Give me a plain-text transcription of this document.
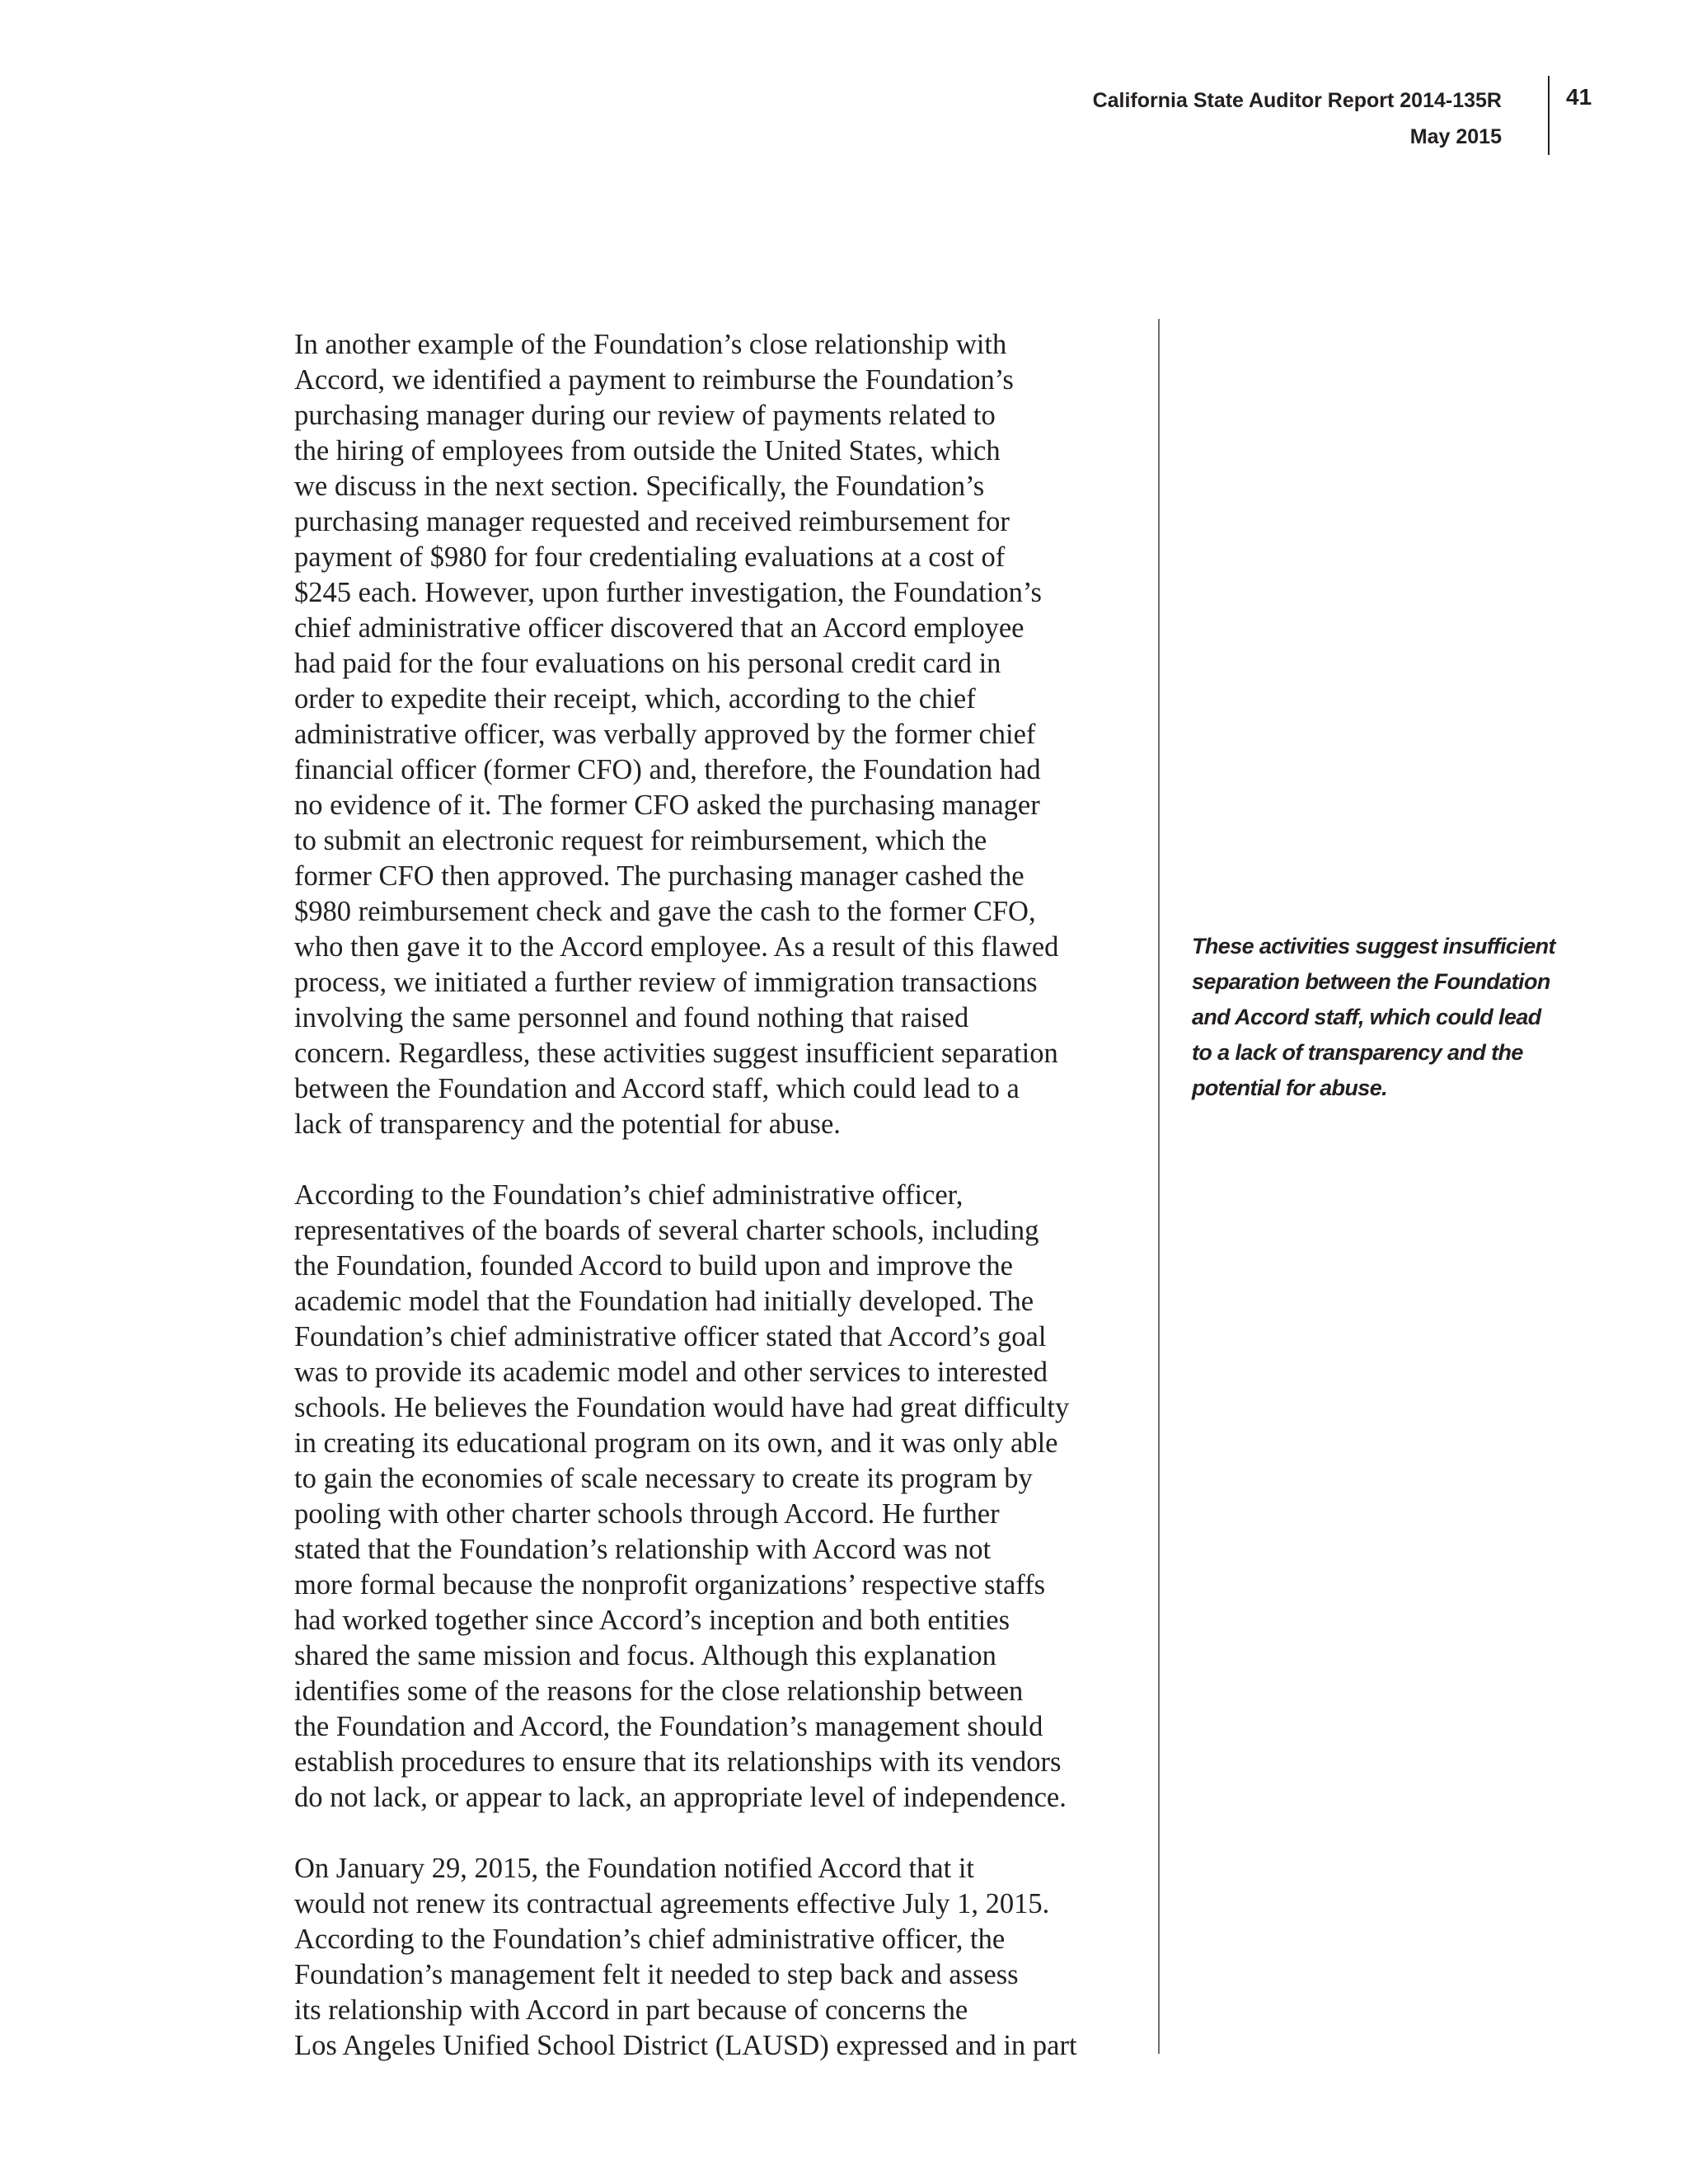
California State Auditor Report 2014-135R
May 2015
41

In another example of the Foundation’s close relationship with
Accord, we identified a payment to reimburse the Foundation’s
purchasing manager during our review of payments related to
the hiring of employees from outside the United States, which
we discuss in the next section. Specifically, the Foundation’s
purchasing manager requested and received reimbursement for
payment of $980 for four credentialing evaluations at a cost of
$245 each. However, upon further investigation, the Foundation’s
chief administrative officer discovered that an Accord employee
had paid for the four evaluations on his personal credit card in
order to expedite their receipt, which, according to the chief
administrative officer, was verbally approved by the former chief
financial officer (former CFO) and, therefore, the Foundation had
no evidence of it. The former CFO asked the purchasing manager
to submit an electronic request for reimbursement, which the
former CFO then approved. The purchasing manager cashed the
$980 reimbursement check and gave the cash to the former CFO,
who then gave it to the Accord employee. As a result of this flawed
process, we initiated a further review of immigration transactions
involving the same personnel and found nothing that raised
concern. Regardless, these activities suggest insufficient separation
between the Foundation and Accord staff, which could lead to a
lack of transparency and the potential for abuse.

According to the Foundation’s chief administrative officer,
representatives of the boards of several charter schools, including
the Foundation, founded Accord to build upon and improve the
academic model that the Foundation had initially developed. The
Foundation’s chief administrative officer stated that Accord’s goal
was to provide its academic model and other services to interested
schools. He believes the Foundation would have had great difficulty
in creating its educational program on its own, and it was only able
to gain the economies of scale necessary to create its program by
pooling with other charter schools through Accord. He further
stated that the Foundation’s relationship with Accord was not
more formal because the nonprofit organizations’ respective staffs
had worked together since Accord’s inception and both entities
shared the same mission and focus. Although this explanation
identifies some of the reasons for the close relationship between
the Foundation and Accord, the Foundation’s management should
establish procedures to ensure that its relationships with its vendors
do not lack, or appear to lack, an appropriate level of independence.

On January 29, 2015, the Foundation notified Accord that it
would not renew its contractual agreements effective July 1, 2015.
According to the Foundation’s chief administrative officer, the
Foundation’s management felt it needed to step back and assess
its relationship with Accord in part because of concerns the
Los Angeles Unified School District (LAUSD) expressed and in part

These activities suggest insufficient
separation between the Foundation
and Accord staff, which could lead
to a lack of transparency and the
potential for abuse.
